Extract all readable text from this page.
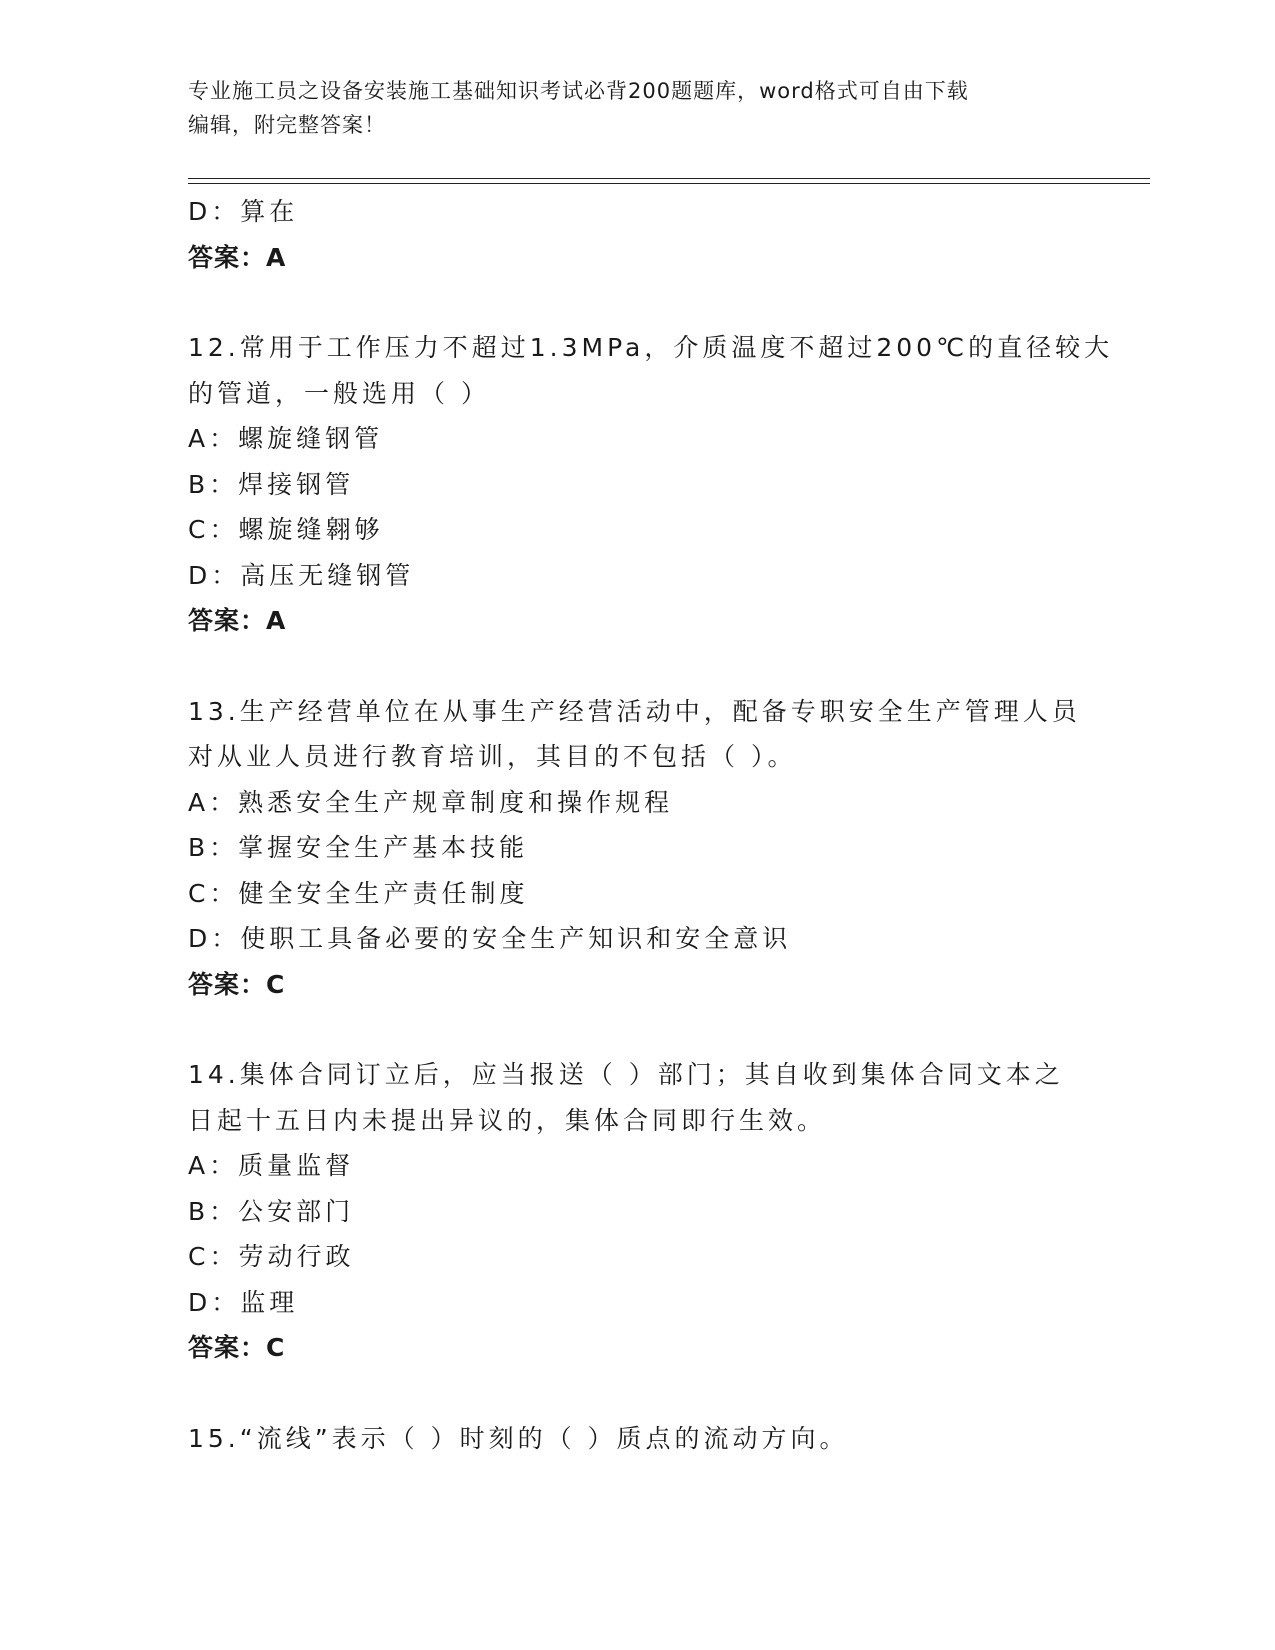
专业施工员之设备安装施工基础知识考试必背200题题库，word格式可自由下载
编辑，附完整答案！
D：算在
答案：A
12.常用于工作压力不超过1.3MPa，介质温度不超过200℃的直径较大
的管道，一般选用（ ）
A：螺旋缝钢管
B：焊接钢管
C：螺旋缝翱够
D：高压无缝钢管
答案：A
13.生产经营单位在从事生产经营活动中，配备专职安全生产管理人员
对从业人员进行教育培训，其目的不包括（ ）。
A：熟悉安全生产规章制度和操作规程
B：掌握安全生产基本技能
C：健全安全生产责任制度
D：使职工具备必要的安全生产知识和安全意识
答案：C
14.集体合同订立后，应当报送（ ）部门；其自收到集体合同文本之
日起十五日内未提出异议的，集体合同即行生效。
A：质量监督
B：公安部门
C：劳动行政
D：监理
答案：C
15.“流线”表示（ ）时刻的（ ）质点的流动方向。
